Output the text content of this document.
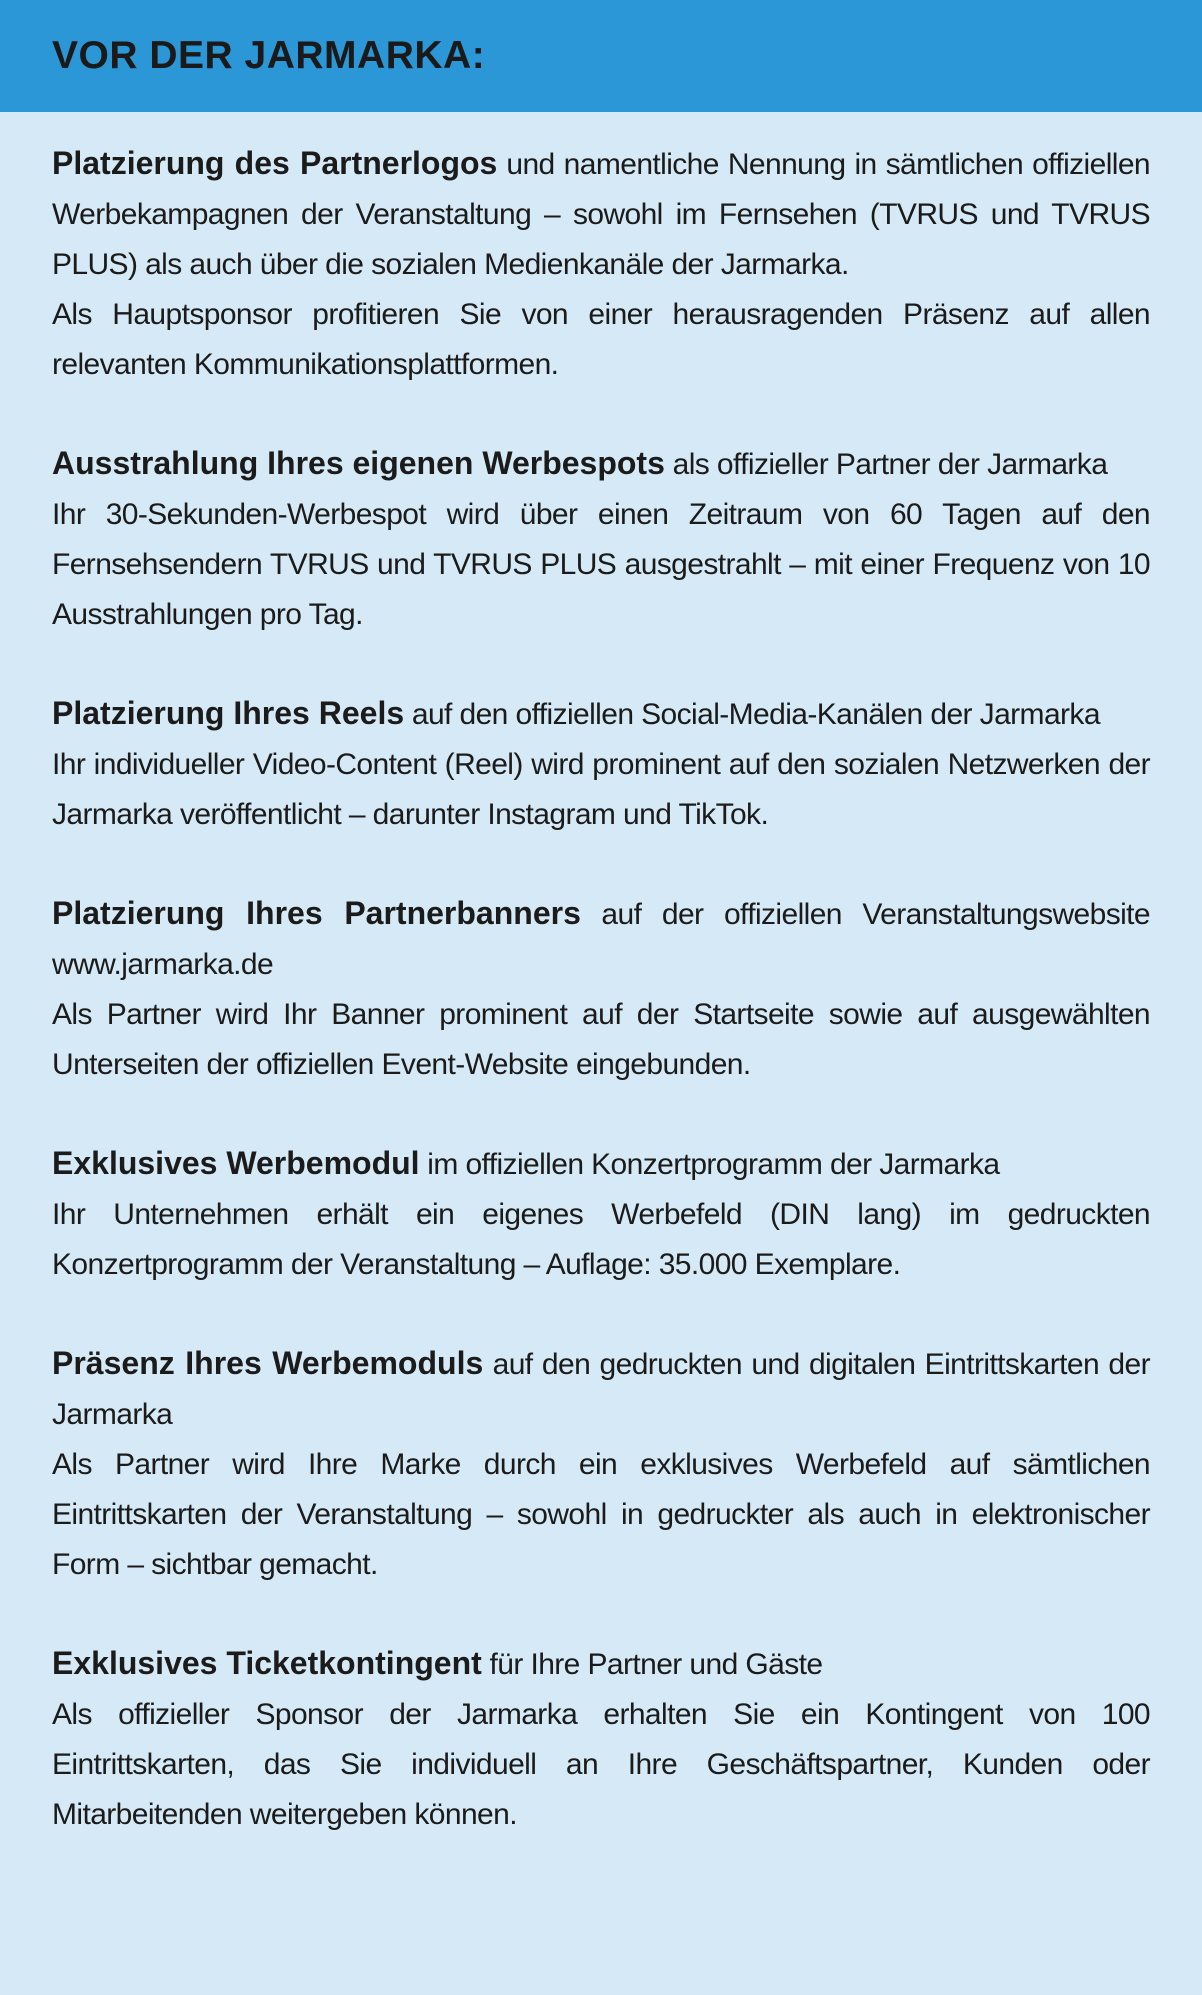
VOR DER JARMARKA:

Platzierung des Partnerlogos und namentliche Nennung in sämtlichen offiziellen Werbekampagnen der Veranstaltung – sowohl im Fernsehen (TVRUS und TVRUS PLUS) als auch über die sozialen Medienkanäle der Jarmarka.

Als Hauptsponsor profitieren Sie von einer herausragenden Präsenz auf allen relevanten Kommunikationsplattformen.

Ausstrahlung Ihres eigenen Werbespots als offizieller Partner der Jarmarka

Ihr 30-Sekunden-Werbespot wird über einen Zeitraum von 60 Tagen auf den Fernsehsendern TVRUS und TVRUS PLUS ausgestrahlt – mit einer Frequenz von 10 Ausstrahlungen pro Tag.

Platzierung Ihres Reels auf den offiziellen Social-Media-Kanälen der Jarmarka

Ihr individueller Video-Content (Reel) wird prominent auf den sozialen Netzwerken der Jarmarka veröffentlicht – darunter Instagram und TikTok.

Platzierung Ihres Partnerbanners auf der offiziellen Veranstaltungswebsite www.jarmarka.de

Als Partner wird Ihr Banner prominent auf der Startseite sowie auf ausgewählten Unterseiten der offiziellen Event-Website eingebunden.

Exklusives Werbemodul im offiziellen Konzertprogramm der Jarmarka

Ihr Unternehmen erhält ein eigenes Werbefeld (DIN lang) im gedruckten Konzertprogramm der Veranstaltung – Auflage: 35.000 Exemplare.

Präsenz Ihres Werbemoduls auf den gedruckten und digitalen Eintrittskarten der Jarmarka

Als Partner wird Ihre Marke durch ein exklusives Werbefeld auf sämtlichen Eintrittskarten der Veranstaltung – sowohl in gedruckter als auch in elektronischer Form – sichtbar gemacht.

Exklusives Ticketkontingent für Ihre Partner und Gäste

Als offizieller Sponsor der Jarmarka erhalten Sie ein Kontingent von 100 Eintrittskarten, das Sie individuell an Ihre Geschäftspartner, Kunden oder Mitarbeitenden weitergeben können.
